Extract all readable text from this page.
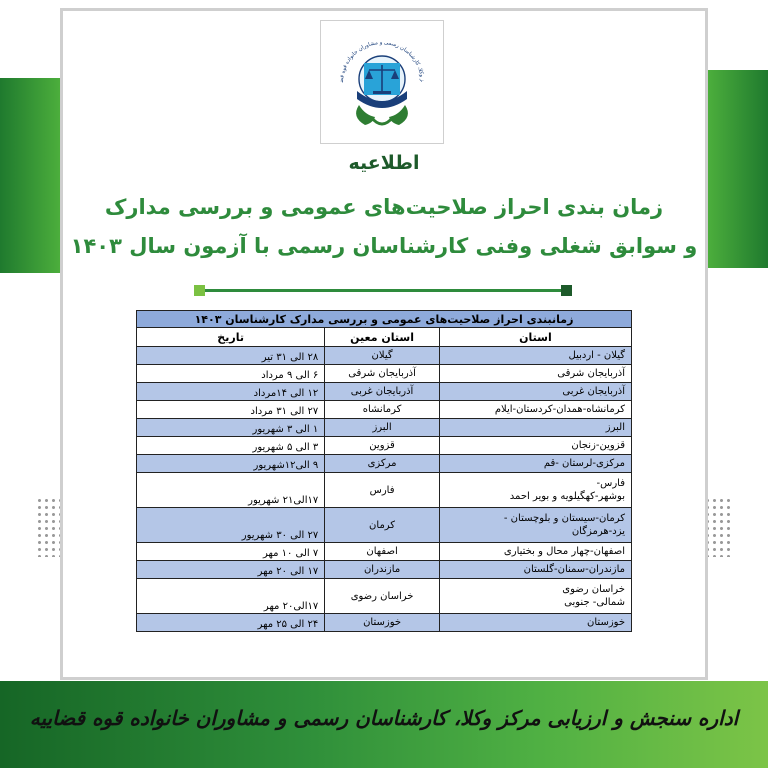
ز وکلا، کارشناسان رسمی و مشاوران خانواده قوه قض
اطلاعیه
زمان بندی احراز صلاحیت‌های عمومی و بررسی مدارک
و سوابق شغلی وفنی کارشناسان رسمی با آزمون سال ۱۴۰۳
زمانبندی احراز صلاحیت‌های عمومی و بررسی مدارک کارشناسان ۱۴۰۳		
استان	استان معین	تاریخ

گیلان - اردبیل	گیلان	۲۸ الی ۳۱ تیر

آذربایجان شرقی	آذربایجان شرقی	۶ الی ۹ مرداد

آذربایجان غربی	آذربایجان غربی	۱۲ الی ۱۴مرداد

کرمانشاه-همدان-کردستان-ایلام	کرمانشاه	۲۷ الی ۳۱ مرداد

البرز	البرز	۱ الی ۳ شهریور

قزوین-زنجان	قزوین	۳ الی ۵ شهریور

مرکزی-لرستان -قم	مرکزی	۹ الی۱۲شهریور

فارس-
بوشهر-کهگیلویه و بویر احمد	فارس	۱۷الی۲۱ شهریور

کرمان-سیستان و بلوچستان -
یزد-هرمزگان	کرمان	۲۷ الی ۳۰ شهریور

اصفهان-چهار محال و بختیاری	اصفهان	۷ الی ۱۰ مهر

مازندران-سمنان-گلستان	مازندران	۱۷ الی ۲۰ مهر

خراسان رضوی
شمالی- جنوبی	خراسان رضوی	۱۷الی۲۰ مهر

خوزستان	خوزستان	۲۴ الی ۲۵ مهر
اداره سنجش و ارزیابی مرکز وکلا، کارشناسان رسمی و مشاوران خانواده قوه قضاییه
